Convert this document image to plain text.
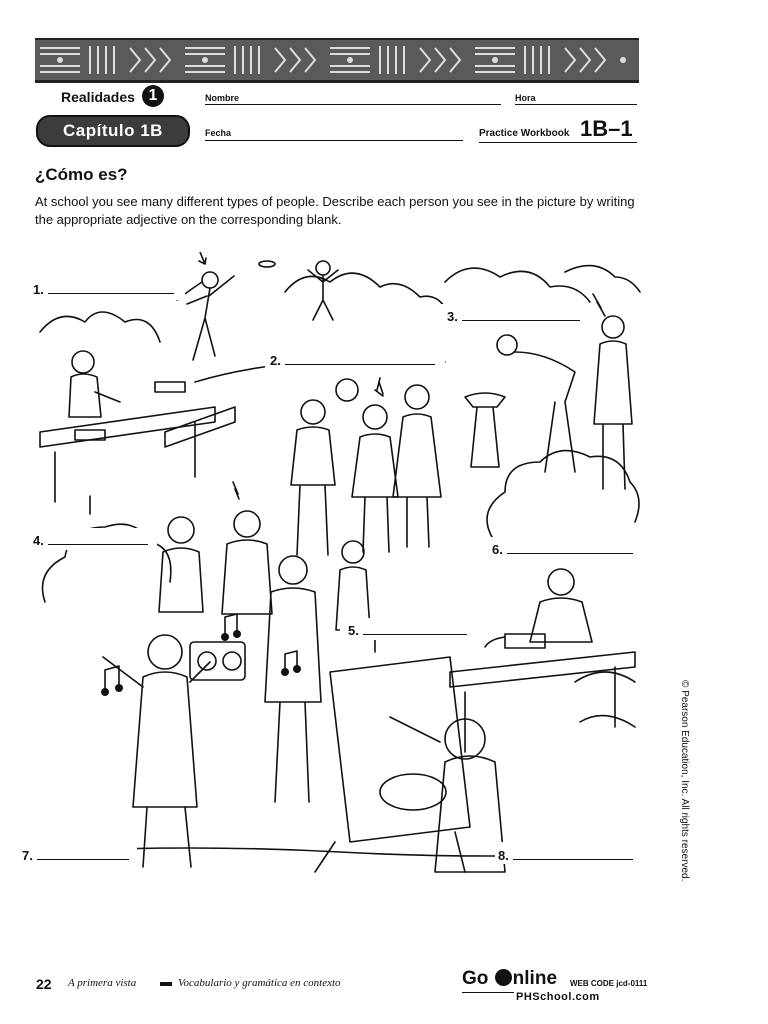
Realidades 1
Capítulo 1B
Nombre	Hora
Fecha	Practice Workbook 1B–1
¿Cómo es?
At school you see many different types of people. Describe each person you see in the picture by writing the appropriate adjective on the corresponding blank.
1.
2.
3.
4.
5.
6.
7.	8.	© Pearson Education, Inc. All rights reserved.
22 A primera vista	Vocabulario y gramática en contexto	Go nline WEB CODE jcd-0111
PHSchool.com
